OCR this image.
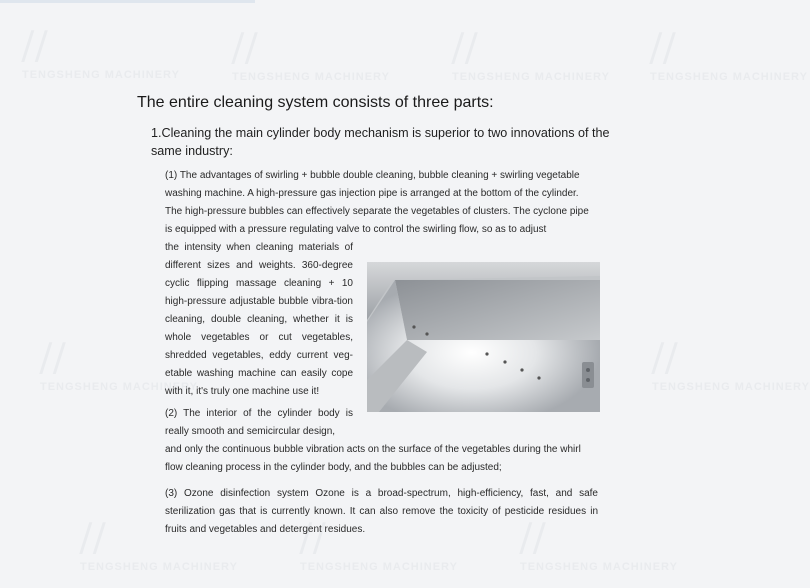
⧸⧸
TENGSHENG MACHINERY
⧸⧸
TENGSHENG MACHINERY
⧸⧸
TENGSHENG MACHINERY
⧸⧸
TENGSHENG MACHINERY
⧸⧸
TENGSHENG MACHINERY
⧸⧸
TENGSHENG MACHINERY
⧸⧸
TENGSHENG MACHINERY
⧸⧸
TENGSHENG MACHINERY
⧸⧸
TENGSHENG MACHINERY
The entire cleaning system consists of three parts:

1.Cleaning the main cylinder body mechanism is superior to two innovations of the same industry:

(1) The advantages of swirling + bubble double cleaning, bubble cleaning + swirling vegetable washing machine. A high-pressure gas injection pipe is arranged at the bottom of the cylinder. The high-pressure bubbles can effectively separate the vegetables of clusters. The cyclone pipe is equipped with a pressure regulating valve to control the swirling flow, so as to adjust

the intensity when cleaning materials of different sizes and weights. 360-degree cyclic flipping massage cleaning + 10 high-pressure adjustable bubble vibra-tion cleaning, double cleaning, whether it is whole vegetables or cut vegetables, shredded vegetables, eddy current veg-etable washing machine can easily cope with it, it's truly one machine use it!

(2) The interior of the cylinder body is really smooth and semicircular design,

and only the continuous bubble vibration acts on the surface of the vegetables during the whirl flow cleaning process in the cylinder body, and the bubbles can be adjusted;

(3) Ozone disinfection system Ozone is a broad-spectrum, high-efficiency, fast, and safe sterilization gas that is currently known. It can also remove the toxicity of pesticide residues in fruits and vegetables and detergent residues.
